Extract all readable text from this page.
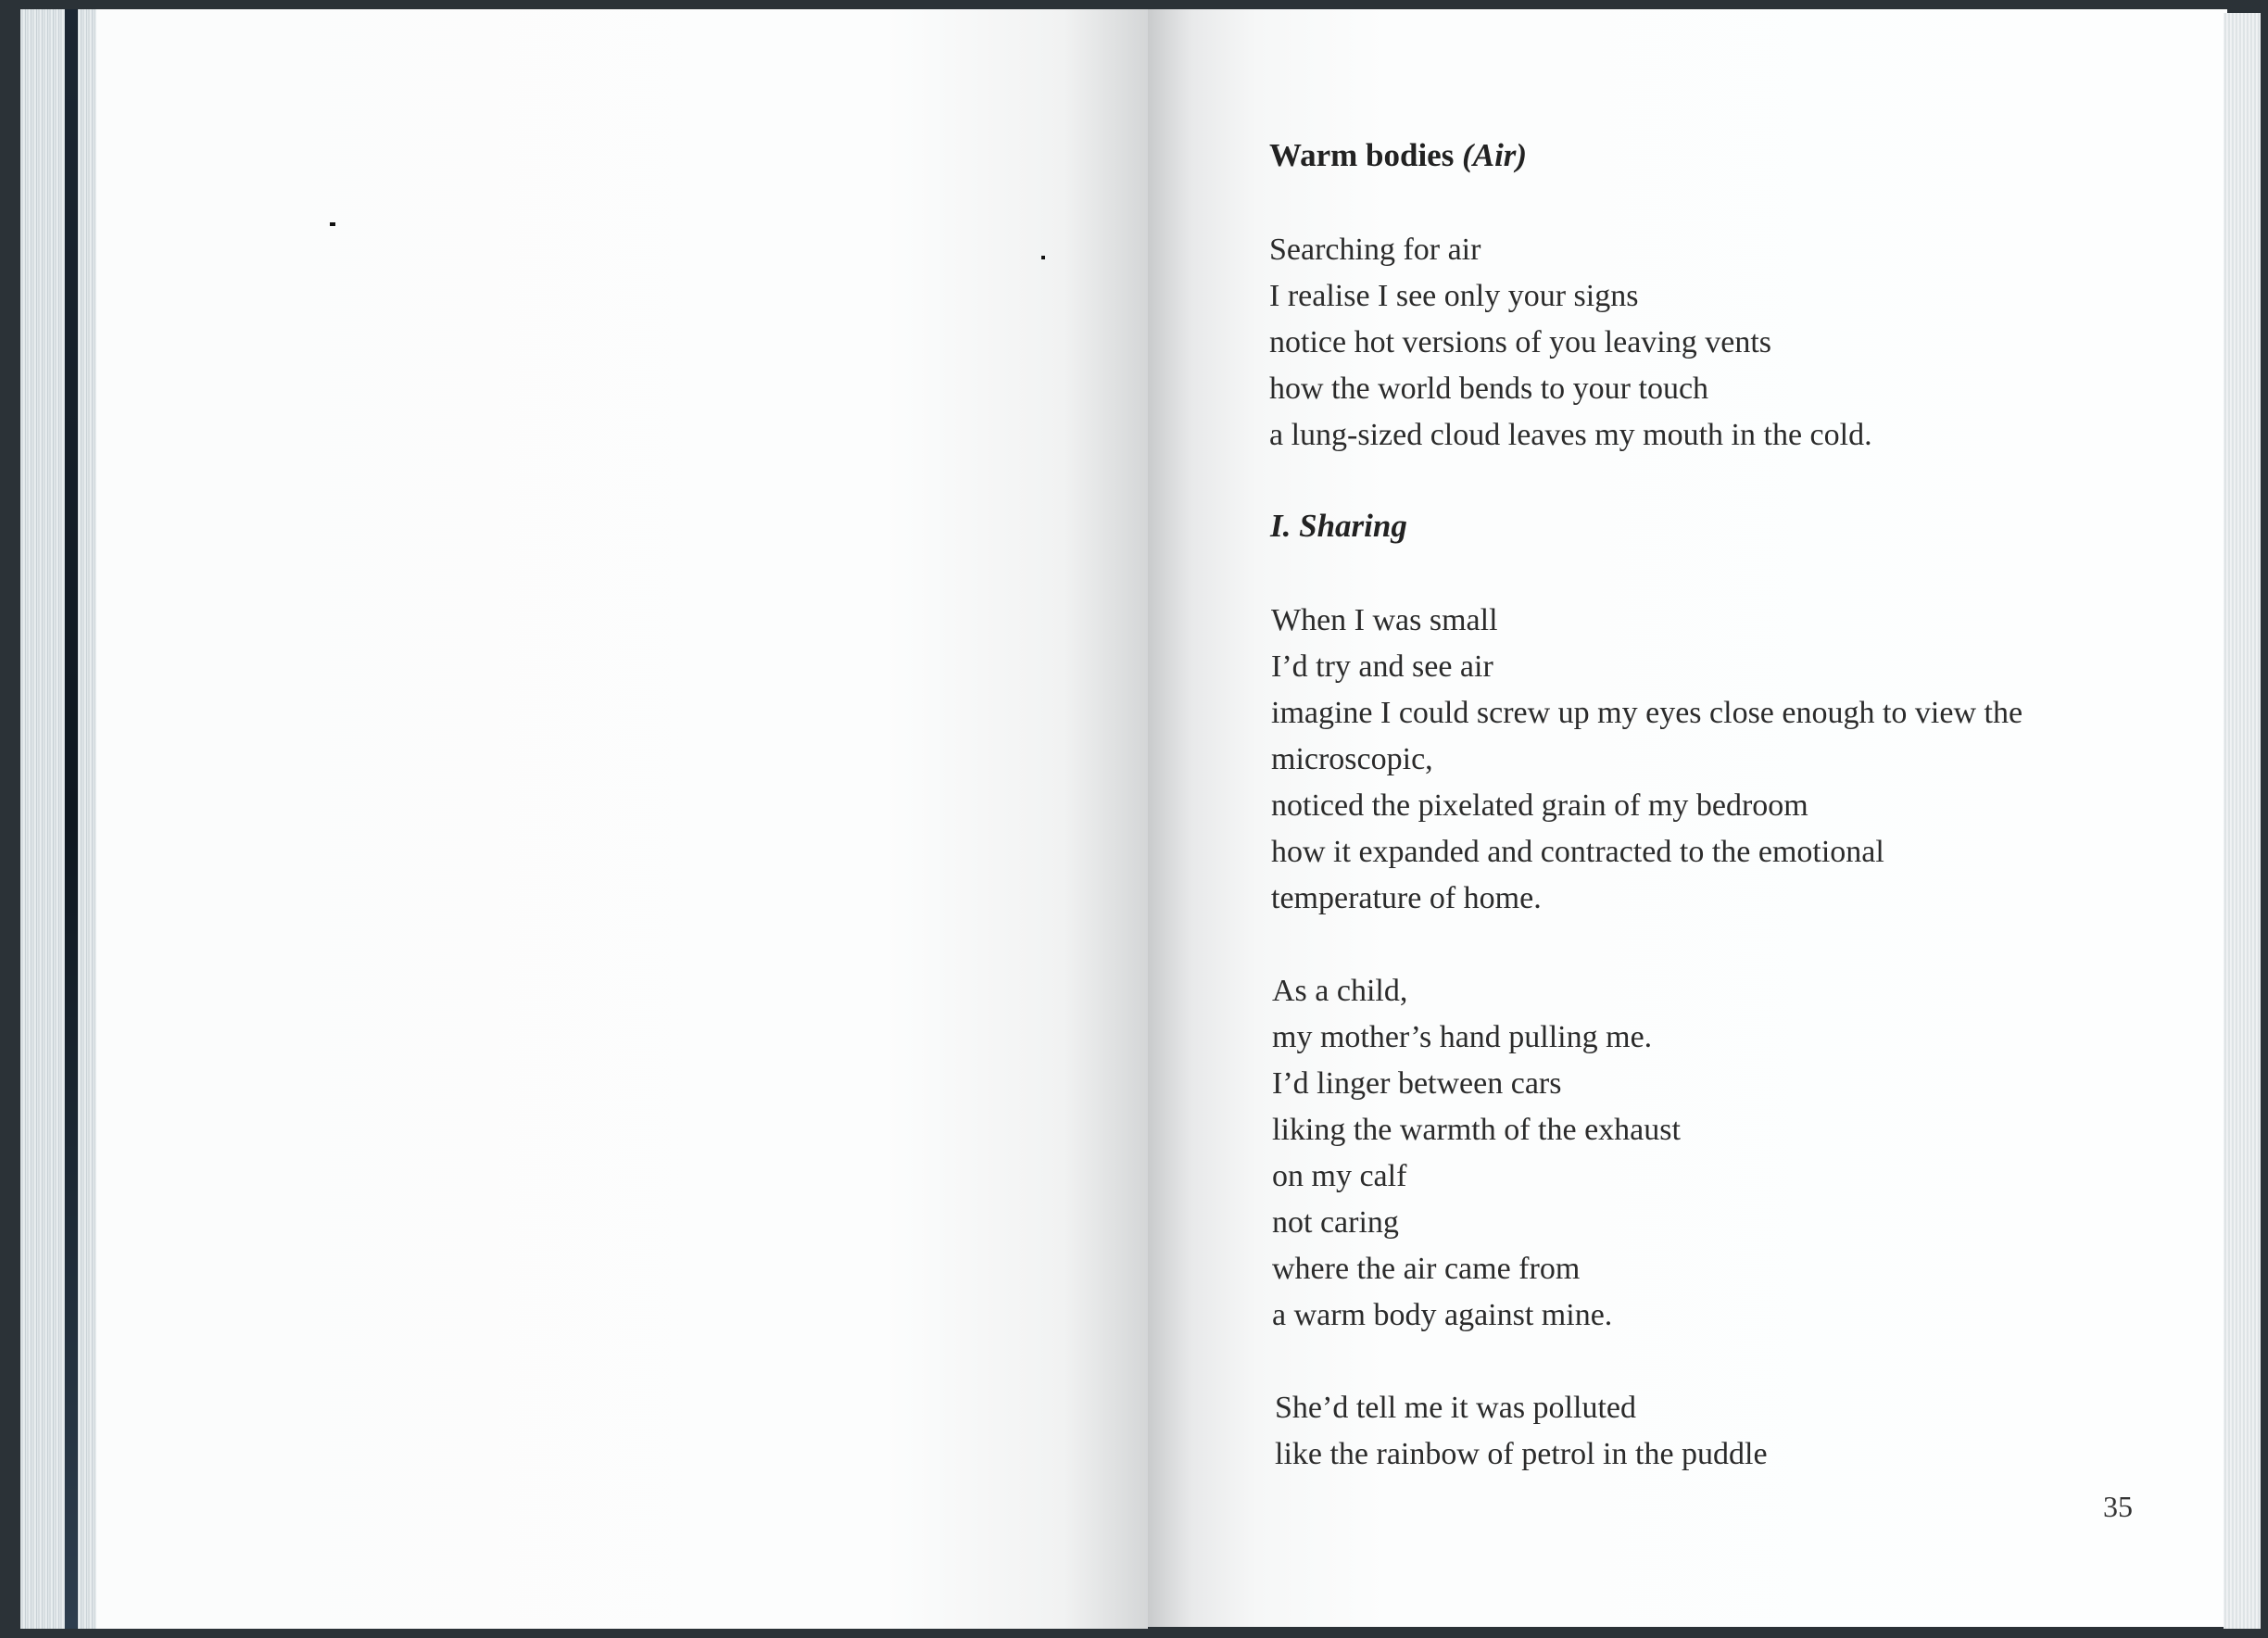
Warm bodies (Air)
Searching for air
I realise I see only your signs
notice hot versions of you leaving vents
how the world bends to your touch
a lung-sized cloud leaves my mouth in the cold.
I. Sharing
When I was small
I’d try and see air
imagine I could screw up my eyes close enough to view the
microscopic,
noticed the pixelated grain of my bedroom
how it expanded and contracted to the emotional
temperature of home.
As a child,
my mother’s hand pulling me.
I’d linger between cars
liking the warmth of the exhaust
on my calf
not caring
where the air came from
a warm body against mine.
She’d tell me it was polluted
like the rainbow of petrol in the puddle
35
